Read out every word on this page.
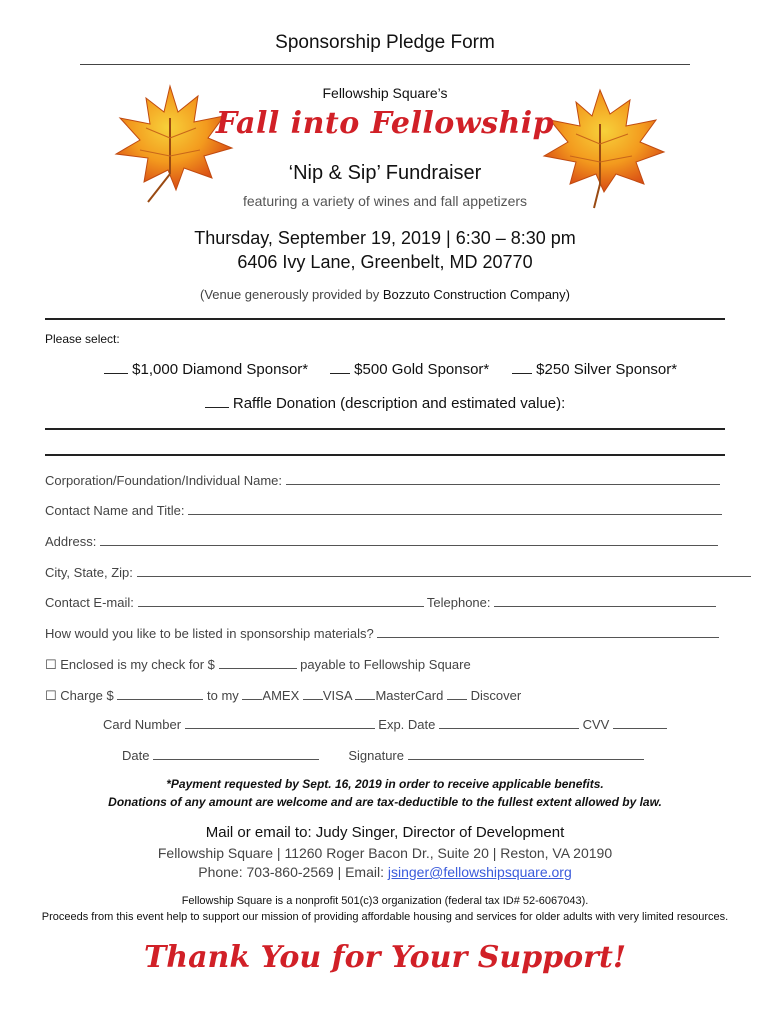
Sponsorship Pledge Form
Fellowship Square’s
Fall into Fellowship
‘Nip & Sip’ Fundraiser
featuring a variety of wines and fall appetizers
Thursday, September 19, 2019 | 6:30 – 8:30 pm
6406 Ivy Lane, Greenbelt, MD 20770
(Venue generously provided by Bozzuto Construction Company)
Please select:
$1,000 Diamond Sponsor*	$500 Gold Sponsor*	$250 Silver Sponsor*
Raffle Donation (description and estimated value):
Corporation/Foundation/Individual Name:
Contact Name and Title:
Address:
City, State, Zip:
Contact E-mail:	Telephone:
How would you like to be listed in sponsorship materials?
☐ Enclosed is my check for $	payable to Fellowship Square
☐ Charge $	to my AMEX VISA MasterCard Discover
Card Number	Exp. Date	CVV
Date	Signature
*Payment requested by Sept. 16, 2019 in order to receive applicable benefits.
Donations of any amount are welcome and are tax-deductible to the fullest extent allowed by law.
Mail or email to: Judy Singer, Director of Development
Fellowship Square | 11260 Roger Bacon Dr., Suite 20 | Reston, VA 20190
Phone: 703-860-2569 | Email: jsinger@fellowshipsquare.org
Fellowship Square is a nonprofit 501(c)3 organization (federal tax ID# 52-6067043).
Proceeds from this event help to support our mission of providing affordable housing and services for older adults with very limited resources.
Thank You for Your Support!
